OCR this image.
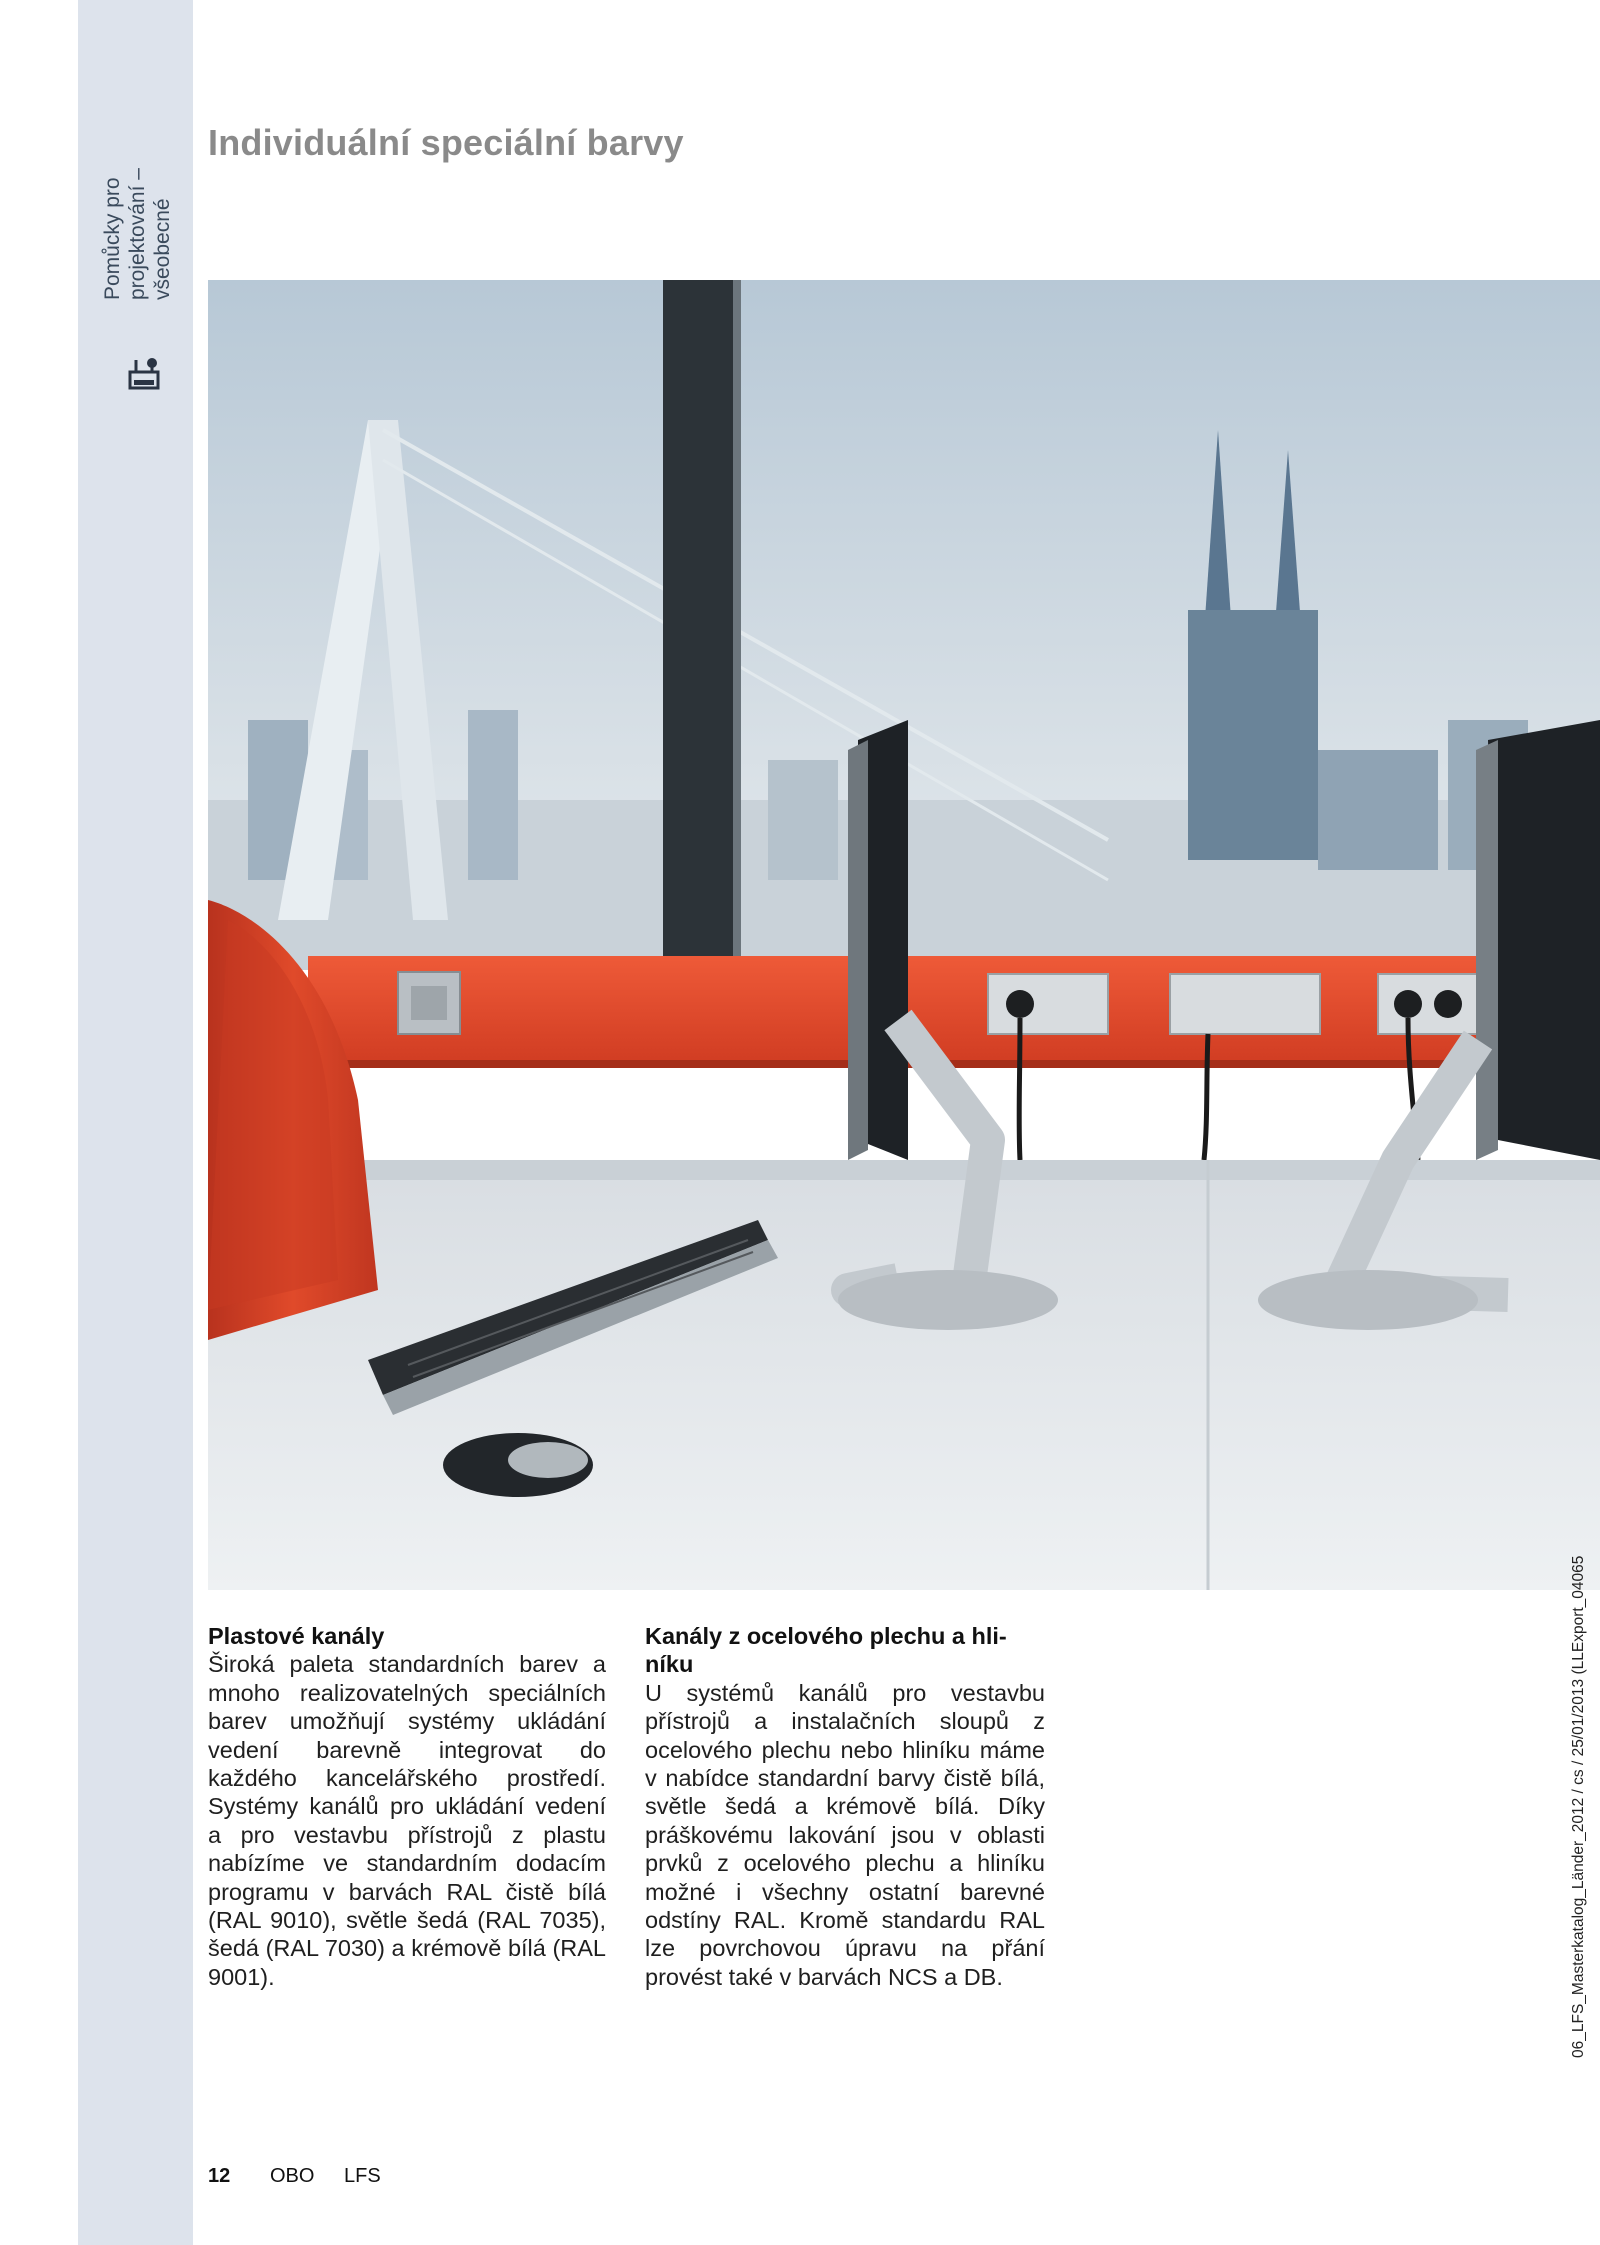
Pomůcky pro projektování – všeobecné
Individuální speciální barvy
Plastové kanály

Široká paleta standardních barev a mnoho realizovatelných speciálních barev umožňují systémy ukládání vedení barevně integrovat do každého kancelářského prostředí. Systémy kanálů pro ukládání vedení a pro vestavbu přístrojů z plastu nabízíme ve standardním dodacím programu v barvách RAL čistě bílá (RAL 9010), světle šedá (RAL 7035), šedá (RAL 7030) a krémově bílá (RAL 9001).

Kanály z ocelového plechu a hliníku

U systémů kanálů pro vestavbu přístrojů a instalačních sloupů z ocelového plechu nebo hliníku máme v nabídce standardní barvy čistě bílá, světle šedá a krémově bílá. Díky práškovému lakování jsou v oblasti prvků z ocelového plechu a hliníku možné i všechny ostatní barevné odstíny RAL. Kromě standardu RAL lze povrchovou úpravu na přání provést také v barvách NCS a DB.	06_LFS_Masterkatalog_Länder_2012 / cs / 25/01/2013 (LLExport_04065
12 OBO LFS
